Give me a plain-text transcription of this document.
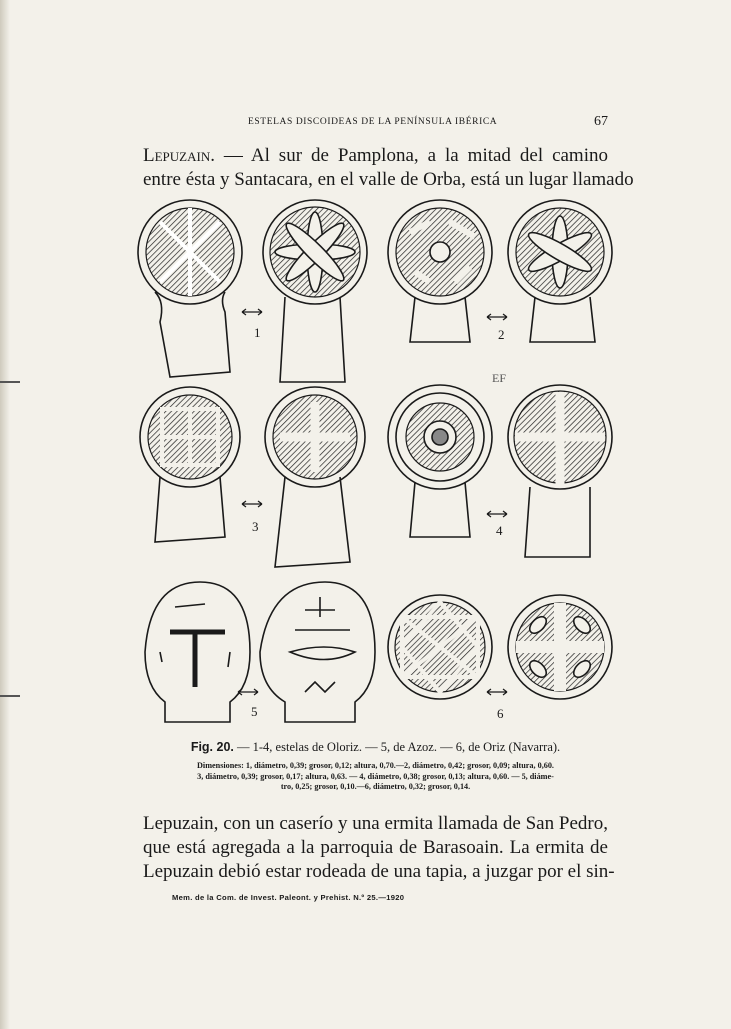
ESTELAS DISCOIDEAS DE LA PENÍNSULA IBÉRICA	67
Lepuzain. — Al sur de Pamplona, a la mitad del camino
entre ésta y Santacara, en el valle de Orba, está un lugar llamado
1	2
3	4
5	6
EF
Fig. 20. — 1-4, estelas de Oloriz. — 5, de Azoz. — 6, de Oriz (Navarra).
Dimensiones: 1, diámetro, 0,39; grosor, 0,12; altura, 0,70.—2, diámetro, 0,42; grosor, 0,09; altura, 0,60.
3, diámetro, 0,39; grosor, 0,17; altura, 0,63. — 4, diámetro, 0,38; grosor, 0,13; altura, 0,60. — 5, diáme-
tro, 0,25; grosor, 0,10.—6, diámetro, 0,32; grosor, 0,14.
Lepuzain, con un caserío y una ermita llamada de San Pedro,
que está agregada a la parroquia de Barasoain. La ermita de
Lepuzain debió estar rodeada de una tapia, a juzgar por el sin-
Mem. de la Com. de Invest. Paleont. y Prehist. N.º 25.—1920
